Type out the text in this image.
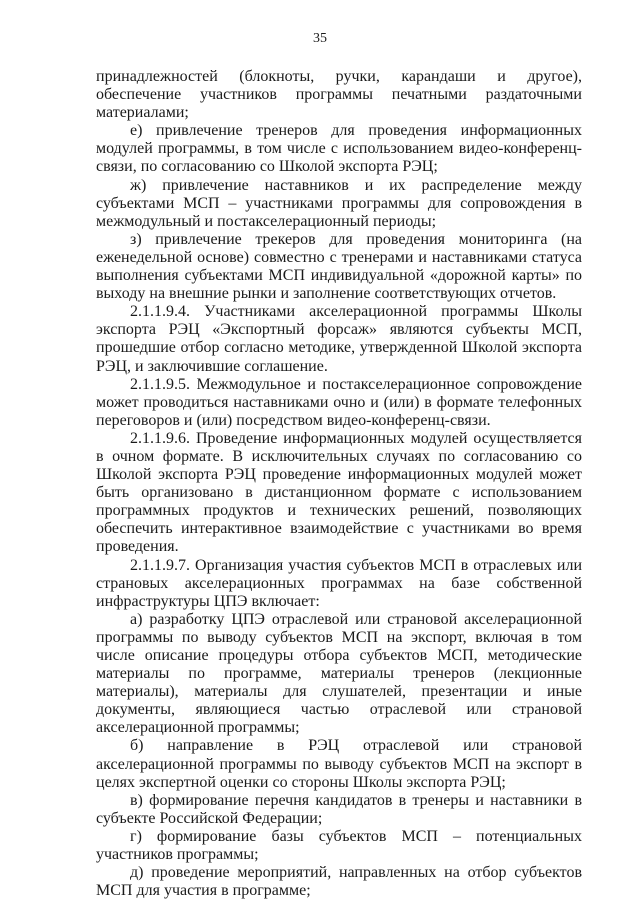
35

принадлежностей (блокноты, ручки, карандаши и другое), обеспечение участников программы печатными раздаточными материалами;

е) привлечение тренеров для проведения информационных модулей программы, в том числе с использованием видео-конференц-связи, по согласованию со Школой экспорта РЭЦ;

ж) привлечение наставников и их распределение между субъектами МСП – участниками программы для сопровождения в межмодульный и постакселерационный периоды;

з) привлечение трекеров для проведения мониторинга (на еженедельной основе) совместно с тренерами и наставниками статуса выполнения субъектами МСП индивидуальной «дорожной карты» по выходу на внешние рынки и заполнение соответствующих отчетов.

2.1.1.9.4. Участниками акселерационной программы Школы экспорта РЭЦ «Экспортный форсаж» являются субъекты МСП, прошедшие отбор согласно методике, утвержденной Школой экспорта РЭЦ, и заключившие соглашение.

2.1.1.9.5. Межмодульное и постакселерационное сопровождение может проводиться наставниками очно и (или) в формате телефонных переговоров и (или) посредством видео-конференц-связи.

2.1.1.9.6. Проведение информационных модулей осуществляется в очном формате. В исключительных случаях по согласованию со Школой экспорта РЭЦ проведение информационных модулей может быть организовано в дистанционном формате с использованием программных продуктов и технических решений, позволяющих обеспечить интерактивное взаимодействие с участниками во время проведения.

2.1.1.9.7. Организация участия субъектов МСП в отраслевых или страновых акселерационных программах на базе собственной инфраструктуры ЦПЭ включает:

а) разработку ЦПЭ отраслевой или страновой акселерационной программы по выводу субъектов МСП на экспорт, включая в том числе описание процедуры отбора субъектов МСП, методические материалы по программе, материалы тренеров (лекционные материалы), материалы для слушателей, презентации и иные документы, являющиеся частью отраслевой или страновой акселерационной программы;

б) направление в РЭЦ отраслевой или страновой акселерационной программы по выводу субъектов МСП на экспорт в целях экспертной оценки со стороны Школы экспорта РЭЦ;

в) формирование перечня кандидатов в тренеры и наставники в субъекте Российской Федерации;

г) формирование базы субъектов МСП – потенциальных участников программы;

д) проведение мероприятий, направленных на отбор субъектов МСП для участия в программе;
